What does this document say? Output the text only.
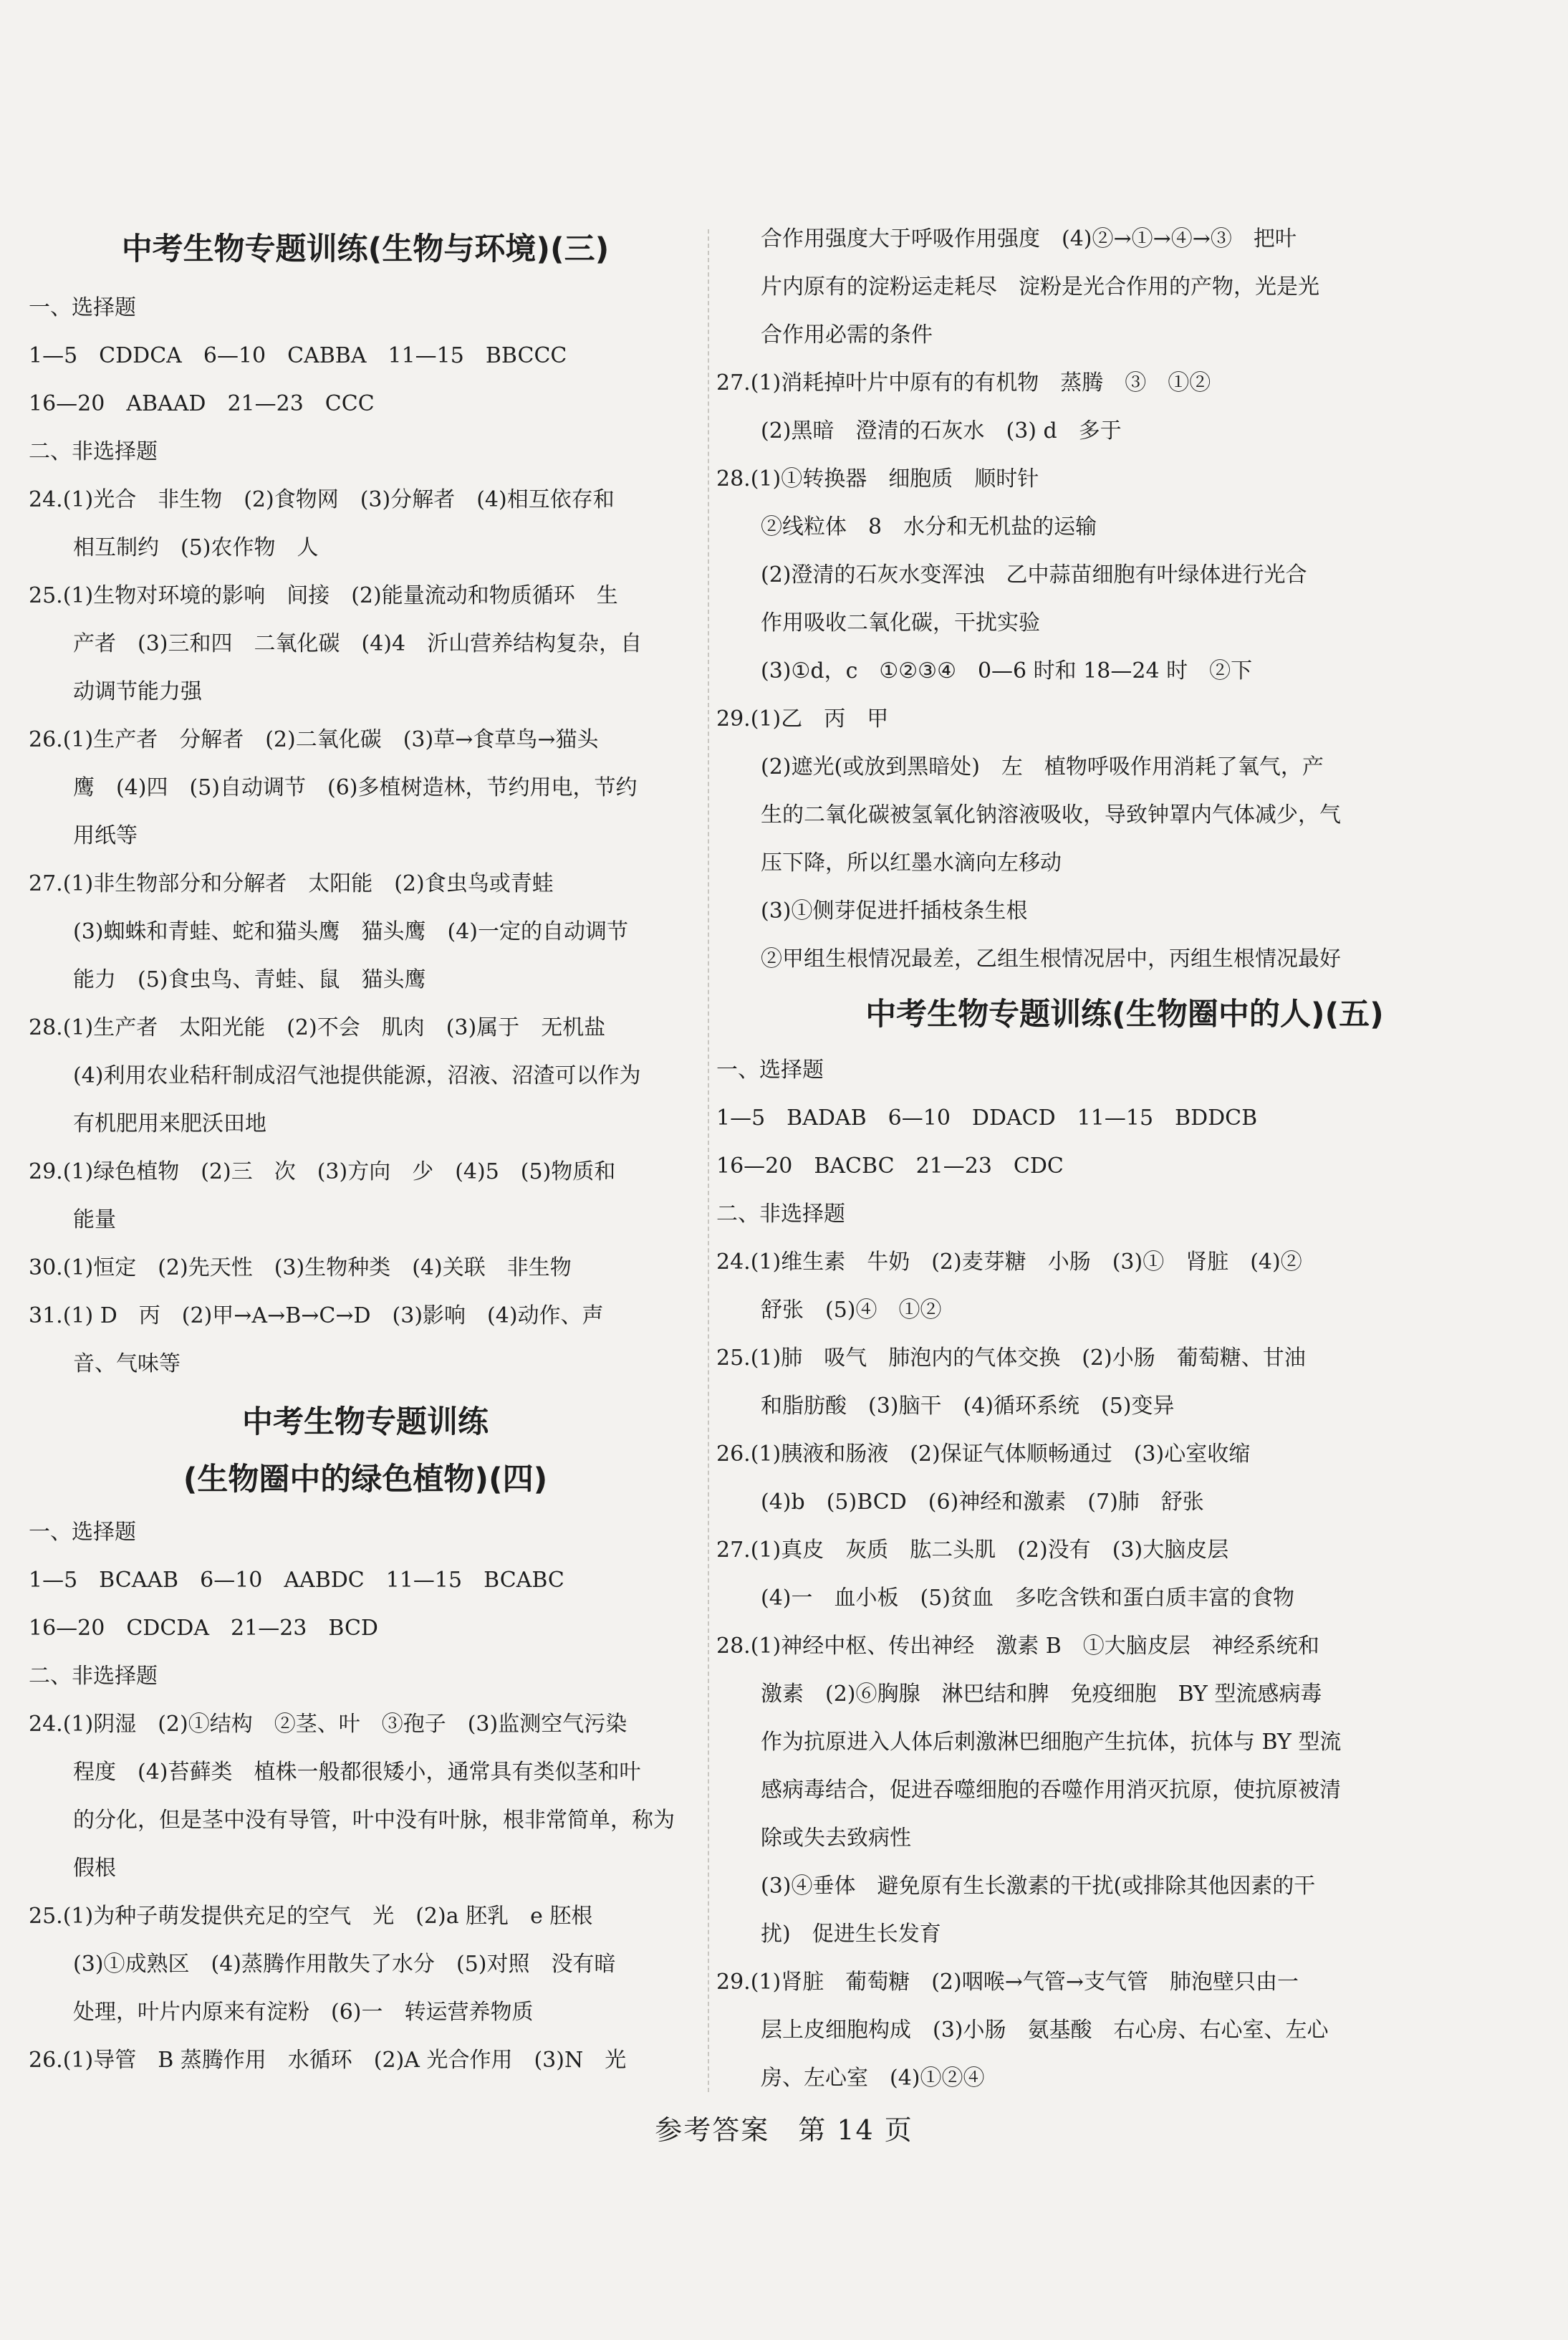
中考生物专题训练(生物与环境)(三)
一、选择题
1—5　CDDCA　6—10　CABBA　11—15　BBCCC
16—20　ABAAD　21—23　CCC
二、非选择题
24.(1)光合　非生物　(2)食物网　(3)分解者　(4)相互依存和
相互制约　(5)农作物　人
25.(1)生物对环境的影响　间接　(2)能量流动和物质循环　生
产者　(3)三和四　二氧化碳　(4)4　沂山营养结构复杂，自
动调节能力强
26.(1)生产者　分解者　(2)二氧化碳　(3)草→食草鸟→猫头
鹰　(4)四　(5)自动调节　(6)多植树造林，节约用电，节约
用纸等
27.(1)非生物部分和分解者　太阳能　(2)食虫鸟或青蛙
(3)蜘蛛和青蛙、蛇和猫头鹰　猫头鹰　(4)一定的自动调节
能力　(5)食虫鸟、青蛙、鼠　猫头鹰
28.(1)生产者　太阳光能　(2)不会　肌肉　(3)属于　无机盐
(4)利用农业秸秆制成沼气池提供能源，沼液、沼渣可以作为
有机肥用来肥沃田地
29.(1)绿色植物　(2)三　次　(3)方向　少　(4)5　(5)物质和
能量
30.(1)恒定　(2)先天性　(3)生物种类　(4)关联　非生物
31.(1) D　丙　(2)甲→A→B→C→D　(3)影响　(4)动作、声
音、气味等
中考生物专题训练
(生物圈中的绿色植物)(四)
一、选择题
1—5　BCAAB　6—10　AABDC　11—15　BCABC
16—20　CDCDA　21—23　BCD
二、非选择题
24.(1)阴湿　(2)①结构　②茎、叶　③孢子　(3)监测空气污染
程度　(4)苔藓类　植株一般都很矮小，通常具有类似茎和叶
的分化，但是茎中没有导管，叶中没有叶脉，根非常简单，称为
假根
25.(1)为种子萌发提供充足的空气　光　(2)a 胚乳　e 胚根
(3)①成熟区　(4)蒸腾作用散失了水分　(5)对照　没有暗
处理，叶片内原来有淀粉　(6)一　转运营养物质
26.(1)导管　B 蒸腾作用　水循环　(2)A 光合作用　(3)N　光
合作用强度大于呼吸作用强度　(4)②→①→④→③　把叶
片内原有的淀粉运走耗尽　淀粉是光合作用的产物，光是光
合作用必需的条件
27.(1)消耗掉叶片中原有的有机物　蒸腾　③　①②
(2)黑暗　澄清的石灰水　(3) d　多于
28.(1)①转换器　细胞质　顺时针
②线粒体　8　水分和无机盐的运输
(2)澄清的石灰水变浑浊　乙中蒜苗细胞有叶绿体进行光合
作用吸收二氧化碳，干扰实验
(3)①d，c　①②③④　0—6 时和 18—24 时　②下
29.(1)乙　丙　甲
(2)遮光(或放到黑暗处)　左　植物呼吸作用消耗了氧气，产
生的二氧化碳被氢氧化钠溶液吸收，导致钟罩内气体减少，气
压下降，所以红墨水滴向左移动
(3)①侧芽促进扦插枝条生根
②甲组生根情况最差，乙组生根情况居中，丙组生根情况最好
中考生物专题训练(生物圈中的人)(五)
一、选择题
1—5　BADAB　6—10　DDACD　11—15　BDDCB
16—20　BACBC　21—23　CDC
二、非选择题
24.(1)维生素　牛奶　(2)麦芽糖　小肠　(3)①　肾脏　(4)②
舒张　(5)④　①②
25.(1)肺　吸气　肺泡内的气体交换　(2)小肠　葡萄糖、甘油
和脂肪酸　(3)脑干　(4)循环系统　(5)变异
26.(1)胰液和肠液　(2)保证气体顺畅通过　(3)心室收缩
(4)b　(5)BCD　(6)神经和激素　(7)肺　舒张
27.(1)真皮　灰质　肱二头肌　(2)没有　(3)大脑皮层
(4)一　血小板　(5)贫血　多吃含铁和蛋白质丰富的食物
28.(1)神经中枢、传出神经　激素 B　①大脑皮层　神经系统和
激素　(2)⑥胸腺　淋巴结和脾　免疫细胞　BY 型流感病毒
作为抗原进入人体后刺激淋巴细胞产生抗体，抗体与 BY 型流
感病毒结合，促进吞噬细胞的吞噬作用消灭抗原，使抗原被清
除或失去致病性
(3)④垂体　避免原有生长激素的干扰(或排除其他因素的干
扰)　促进生长发育
29.(1)肾脏　葡萄糖　(2)咽喉→气管→支气管　肺泡壁只由一
层上皮细胞构成　(3)小肠　氨基酸　右心房、右心室、左心
房、左心室　(4)①②④
参考答案　第 14 页
